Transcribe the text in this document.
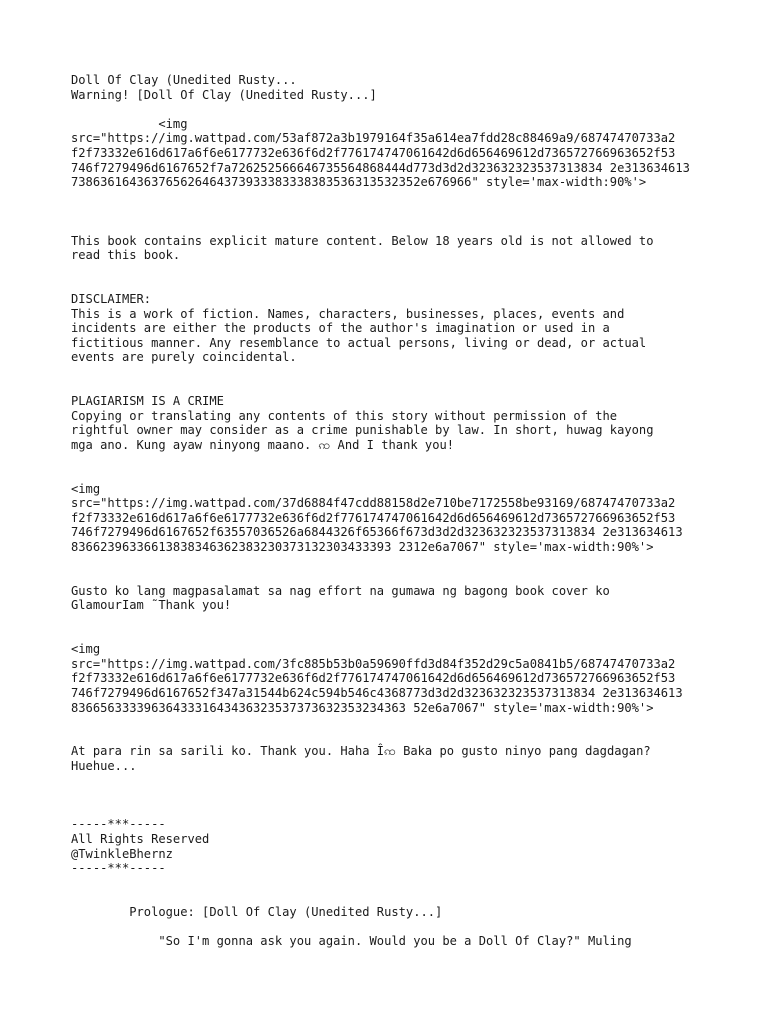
Doll Of Clay (Unedited Rusty...
Warning! [Doll Of Clay (Unedited Rusty...]
<img
src="https://img.wattpad.com/53af872a3b1979164f35a614ea7fdd28c88469a9/68747470733a2
f2f73332e616d617a6f6e6177732e636f6d2f776174747061642d6d656469612d736572766963652f53
746f7279496d6167652f7a726252566646735564868444d773d3d2d323632323537313834 2e313634613
738636164363765626464373933383338383536313532352e676966" style='max-width:90%'>
This book contains explicit mature content. Below 18 years old is not allowed to
read this book.
DISCLAIMER:
This is a work of fiction. Names, characters, businesses, places, events and
incidents are either the products of the author's imagination or used in a
fictitious manner. Any resemblance to actual persons, living or dead, or actual
events are purely coincidental.
PLAGIARISM IS A CRIME
Copying or translating any contents of this story without permission of the
rightful owner may consider as a crime punishable by law. In short, huwag kayong
mga ano. Kung ayaw ninyong maano. ꩡ And I thank you!
<img
src="https://img.wattpad.com/37d6884f47cdd88158d2e710be7172558be93169/68747470733a2
f2f73332e616d617a6f6e6177732e636f6d2f776174747061642d6d656469612d736572766963652f53
746f7279496d6167652f63557036526a6844326f65366f673d3d2d323632323537313834 2e313634613
83662396336613838346362383230373132303433393 2312e6a7067" style='max-width:90%'>
Gusto ko lang magpasalamat sa nag effort na gumawa ng bagong book cover ko
GlamourIam ̃ Thank you!
<img
src="https://img.wattpad.com/3fc885b53b0a59690ffd3d84f352d29c5a0841b5/68747470733a2
f2f73332e616d617a6f6e6177732e636f6d2f776174747061642d6d656469612d736572766963652f53
746f7279496d6167652f347a31544b624c594b546c4368773d3d2d323632323537313834 2e313634613
8366563333963643331643436323537373632353234363 52e6a7067" style='max-width:90%'>
At para rin sa sarili ko. Thank you. Haha Îꩡ Baka po gusto ninyo pang dagdagan?
Huehue...
-----***-----
All Rights Reserved
@TwinkleBhernz
-----***-----
Prologue: [Doll Of Clay (Unedited Rusty...]
"So I'm gonna ask you again. Would you be a Doll Of Clay?" Muling
